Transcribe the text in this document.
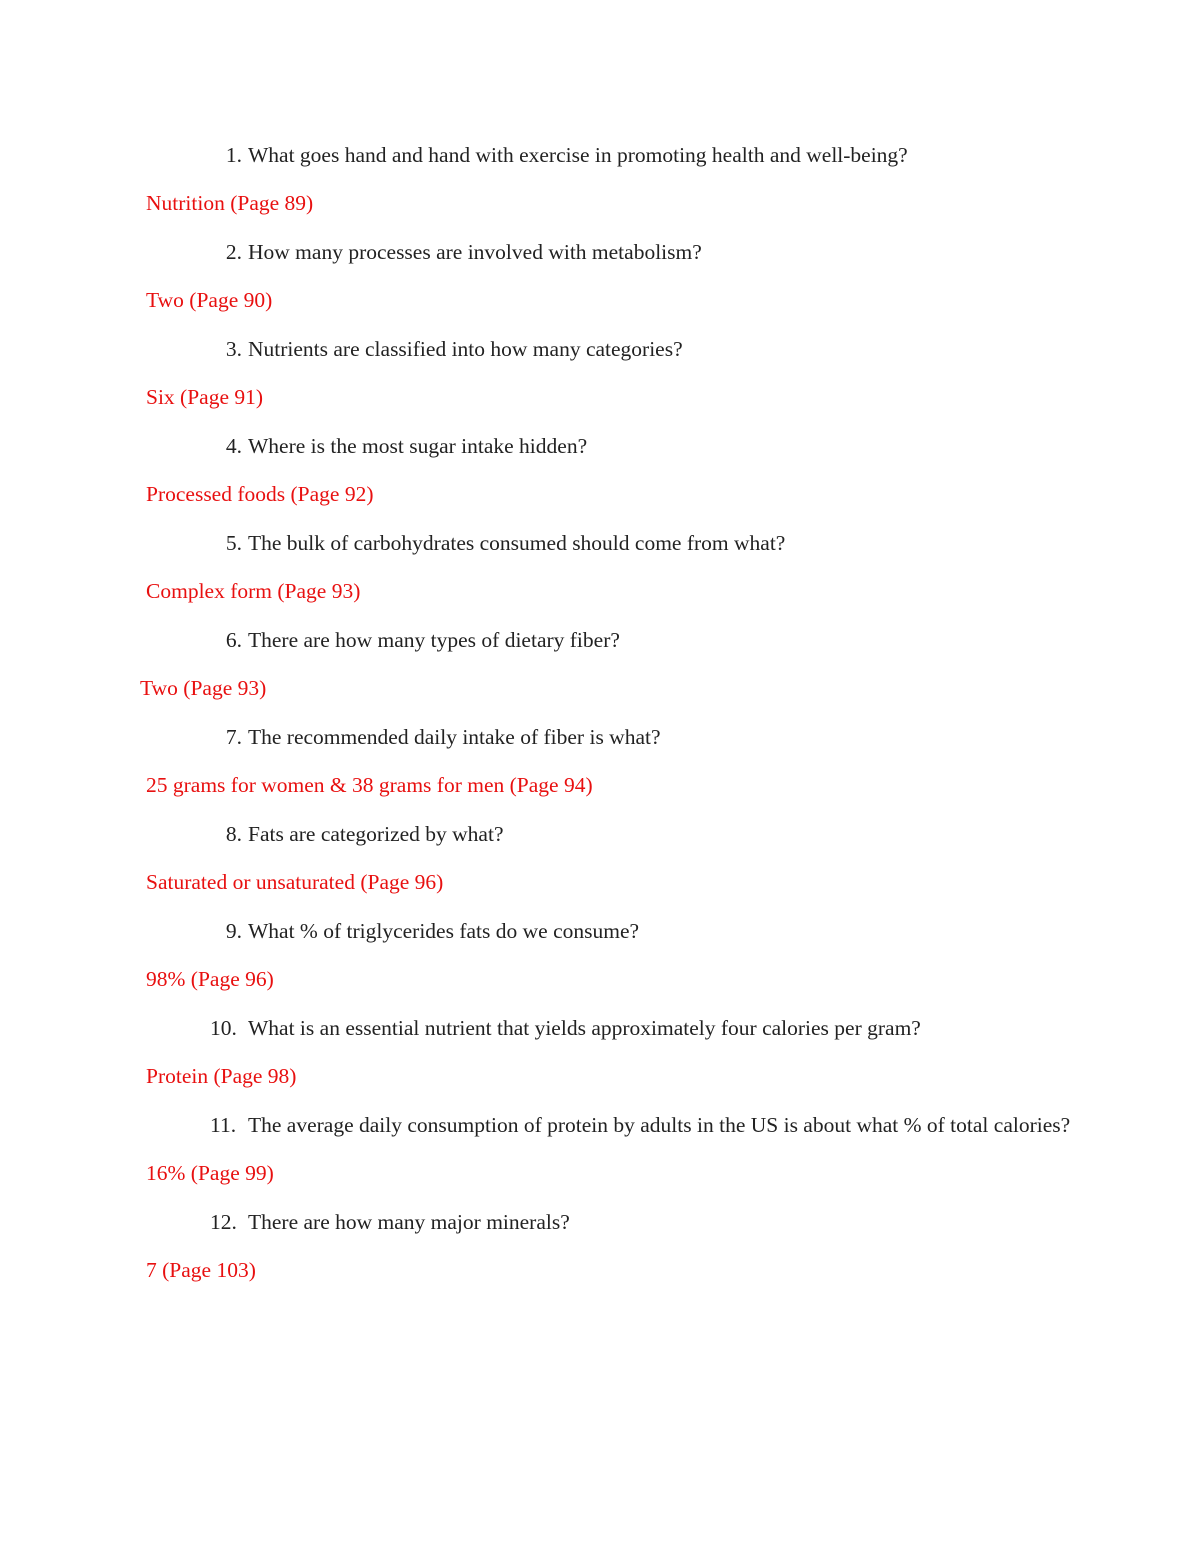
1. What goes hand and hand with exercise in promoting health and well-being?
Nutrition (Page 89)
2. How many processes are involved with metabolism?
Two (Page 90)
3. Nutrients are classified into how many categories?
Six (Page 91)
4. Where is the most sugar intake hidden?
Processed foods (Page 92)
5. The bulk of carbohydrates consumed should come from what?
Complex form (Page 93)
6. There are how many types of dietary fiber?
Two (Page 93)
7. The recommended daily intake of fiber is what?
25 grams for women & 38 grams for men (Page 94)
8. Fats are categorized by what?
Saturated or unsaturated (Page 96)
9. What % of triglycerides fats do we consume?
98% (Page 96)
10. What is an essential nutrient that yields approximately four calories per gram?
Protein (Page 98)
11. The average daily consumption of protein by adults in the US is about what % of total calories?
16% (Page 99)
12. There are how many major minerals?
7 (Page 103)
